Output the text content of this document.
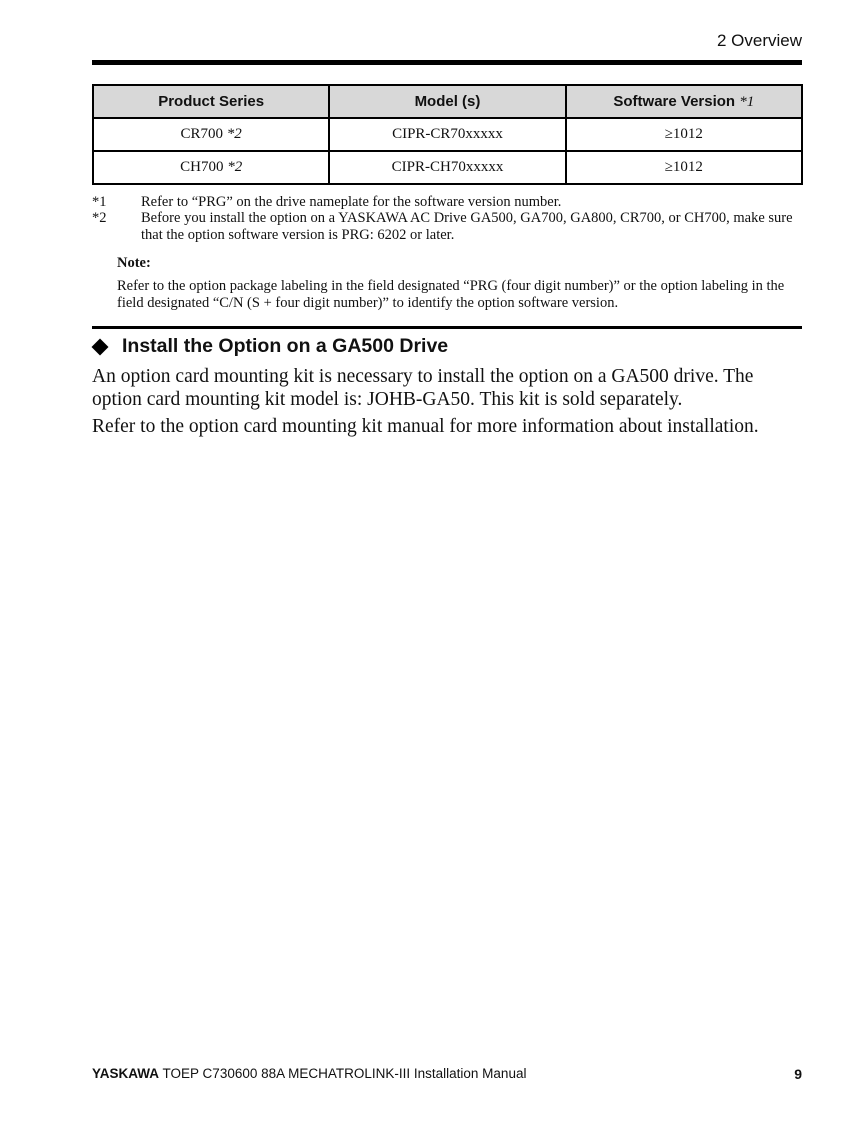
2 Overview
Product Series	Model (s)	Software Version *1
CR700 *2	CIPR-CR70xxxxx	≥1012
CH700 *2	CIPR-CH70xxxxx	≥1012
*1	Refer to “PRG” on the drive nameplate for the software version number.
*2	Before you install the option on a YASKAWA AC Drive GA500, GA700, GA800, CR700, or CH700, make sure that the option software version is PRG: 6202 or later.
Note:
Refer to the option package labeling in the field designated “PRG (four digit number)” or the option labeling in the field designated “C/N (S + four digit number)” to identify the option software version.
Install the Option on a GA500 Drive
An option card mounting kit is necessary to install the option on a GA500 drive. The option card mounting kit model is: JOHB-GA50. This kit is sold separately.
Refer to the option card mounting kit manual for more information about installation.
YASKAWA TOEP C730600 88A MECHATROLINK-III Installation Manual	9
